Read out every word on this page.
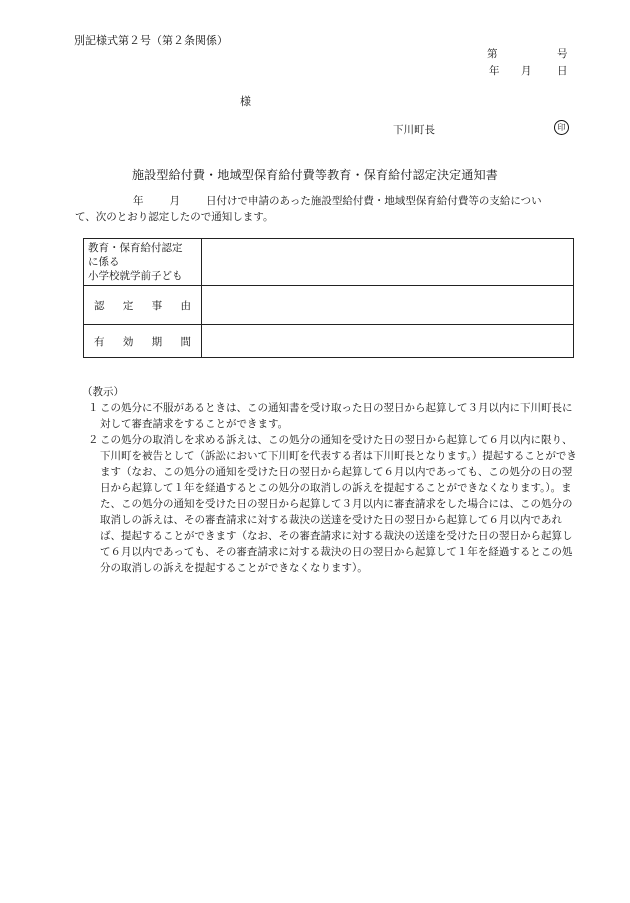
別記様式第２号（第２条関係）
第	号
年 月 日
様
下川町長	印
施設型給付費・地域型保育給付費等教育・保育給付認定決定通知書
年 月 日付けで申請のあった施設型給付費・地域型保育給付費等の支給につい
て、次のとおり認定したので通知します。
教育・保育給付認定
に係る
小学校就学前子ども	

認 定 事 由	

有 効 期 間	

（教示）
１ この処分に不服があるときは、この通知書を受け取った日の翌日から起算して３月以内に下川町長に対して審査請求をすることができます。
２ この処分の取消しを求める訴えは、この処分の通知を受けた日の翌日から起算して６月以内に限り、下川町を被告として（訴訟において下川町を代表する者は下川町長となります。）提起することができます（なお、この処分の通知を受けた日の翌日から起算して６月以内であっても、この処分の日の翌日から起算して１年を経過するとこの処分の取消しの訴えを提起することができなくなります。）。また、この処分の通知を受けた日の翌日から起算して３月以内に審査請求をした場合には、この処分の取消しの訴えは、その審査請求に対する裁決の送達を受けた日の翌日から起算して６月以内であれば、提起することができます（なお、その審査請求に対する裁決の送達を受けた日の翌日から起算して６月以内であっても、その審査請求に対する裁決の日の翌日から起算して１年を経過するとこの処分の取消しの訴えを提起することができなくなります）。
